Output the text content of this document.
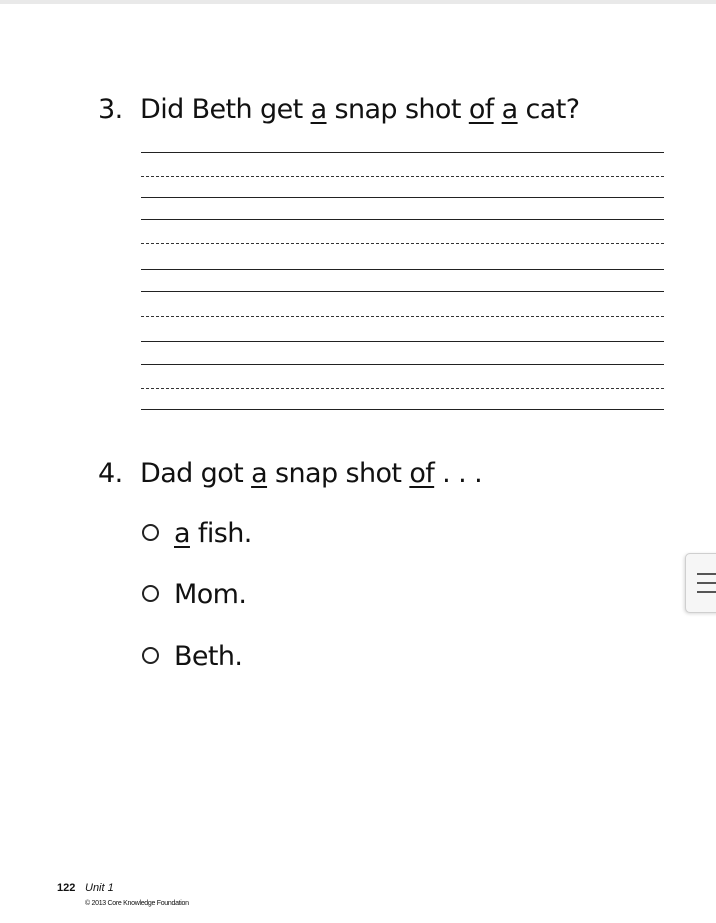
3. Did Beth get a snap shot of a cat?
4. Dad got a snap shot of . . .
a fish.
Mom.
Beth.
122 Unit 1
© 2013 Core Knowledge Foundation
